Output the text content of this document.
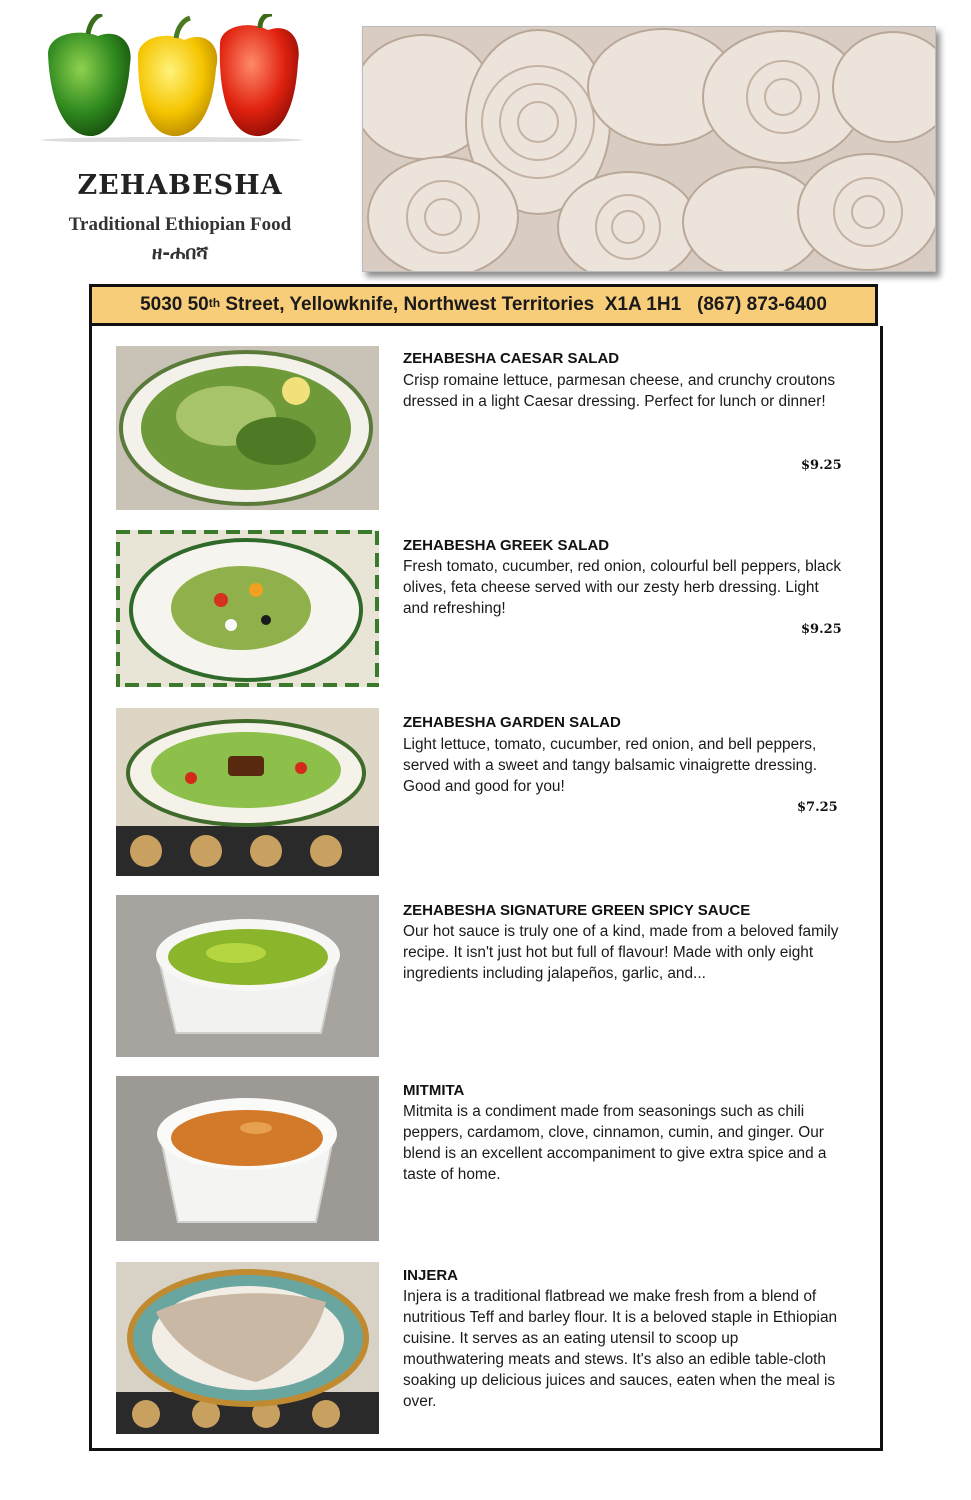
ZEHABESHA
Traditional Ethiopian Food
ዘ-ሐበሻ
5030 50th Street, Yellowknife, Northwest Territories  X1A 1H1   (867) 873-6400
ZEHABESHA CAESAR SALAD
Crisp romaine lettuce, parmesan cheese, and crunchy croutons dressed in a light Caesar dressing. Perfect for lunch or dinner!
$9.25
ZEHABESHA GREEK SALAD
Fresh tomato, cucumber, red onion, colourful bell peppers, black olives, feta cheese served with our zesty herb dressing. Light and refreshing!
$9.25
ZEHABESHA GARDEN SALAD
Light lettuce, tomato, cucumber, red onion, and bell peppers, served with a sweet and tangy balsamic vinaigrette dressing. Good and good for you!
$7.25
ZEHABESHA SIGNATURE GREEN SPICY SAUCE
Our hot sauce is truly one of a kind, made from a beloved family recipe. It isn't just hot but full of flavour! Made with only eight ingredients including jalapeños, garlic, and...
MITMITA
Mitmita is a condiment made from seasonings such as chili peppers, cardamom, clove, cinnamon, cumin, and ginger. Our blend is an excellent accompaniment to give extra spice and a taste of home.
INJERA
Injera is a traditional flatbread we make fresh from a blend of nutritious Teff and barley flour. It is a beloved staple in Ethiopian cuisine. It serves as an eating utensil to scoop up mouthwatering meats and stews. It's also an edible table-cloth soaking up delicious juices and sauces, eaten when the meal is over.
